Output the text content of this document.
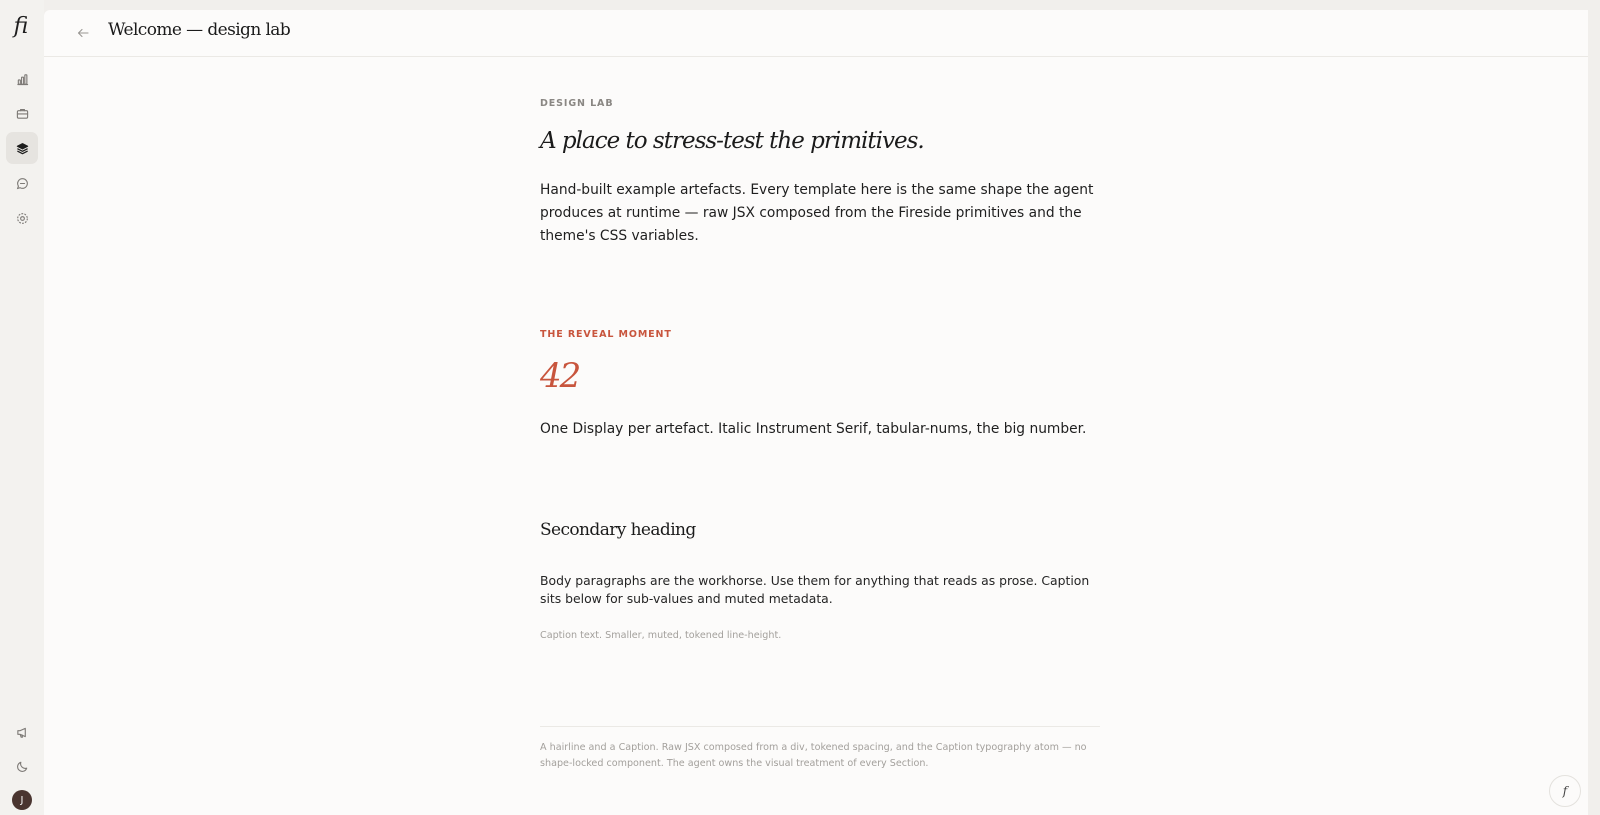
fi
J
Welcome — design lab
DESIGN LAB
A place to stress-test the primitives.
Hand-built example artefacts. Every template here is the same shape the agent produces at runtime — raw JSX composed from the Fireside primitives and the theme's CSS variables.
THE REVEAL MOMENT
42
One Display per artefact. Italic Instrument Serif, tabular-nums, the big number.
Secondary heading
Body paragraphs are the workhorse. Use them for anything that reads as prose. Caption sits below for sub-values and muted metadata.
Caption text. Smaller, muted, tokened line-height.
A hairline and a Caption. Raw JSX composed from a div, tokened spacing, and the Caption typography atom — no shape-locked component. The agent owns the visual treatment of every Section.
f
